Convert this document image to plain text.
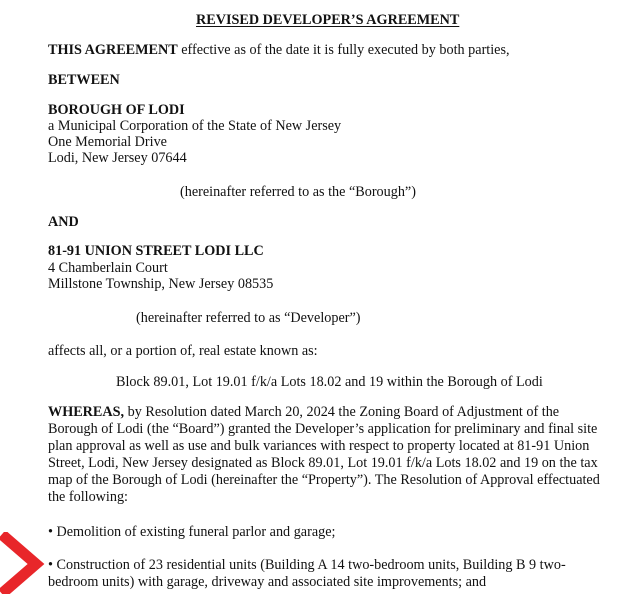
REVISED DEVELOPER’S AGREEMENT
THIS AGREEMENT effective as of the date it is fully executed by both parties,
BETWEEN
BOROUGH OF LODI
a Municipal Corporation of the State of New Jersey
One Memorial Drive
Lodi, New Jersey 07644
(hereinafter referred to as the “Borough”)
AND
81-91 UNION STREET LODI LLC
4 Chamberlain Court
Millstone Township, New Jersey 08535
(hereinafter referred to as “Developer”)
affects all, or a portion of, real estate known as:
Block 89.01, Lot 19.01 f/k/a Lots 18.02 and 19 within the Borough of Lodi
WHEREAS, by Resolution dated March 20, 2024 the Zoning Board of Adjustment of the
Borough of Lodi (the “Board”) granted the Developer’s application for preliminary and final site
plan approval as well as use and bulk variances with respect to property located at 81-91 Union
Street, Lodi, New Jersey designated as Block 89.01, Lot 19.01 f/k/a Lots 18.02 and 19 on the tax
map of the Borough of Lodi (hereinafter the “Property”). The Resolution of Approval effectuated
the following:
• Demolition of existing funeral parlor and garage;
• Construction of 23 residential units (Building A 14 two-bedroom units, Building B 9 two-
bedroom units) with garage, driveway and associated site improvements; and
